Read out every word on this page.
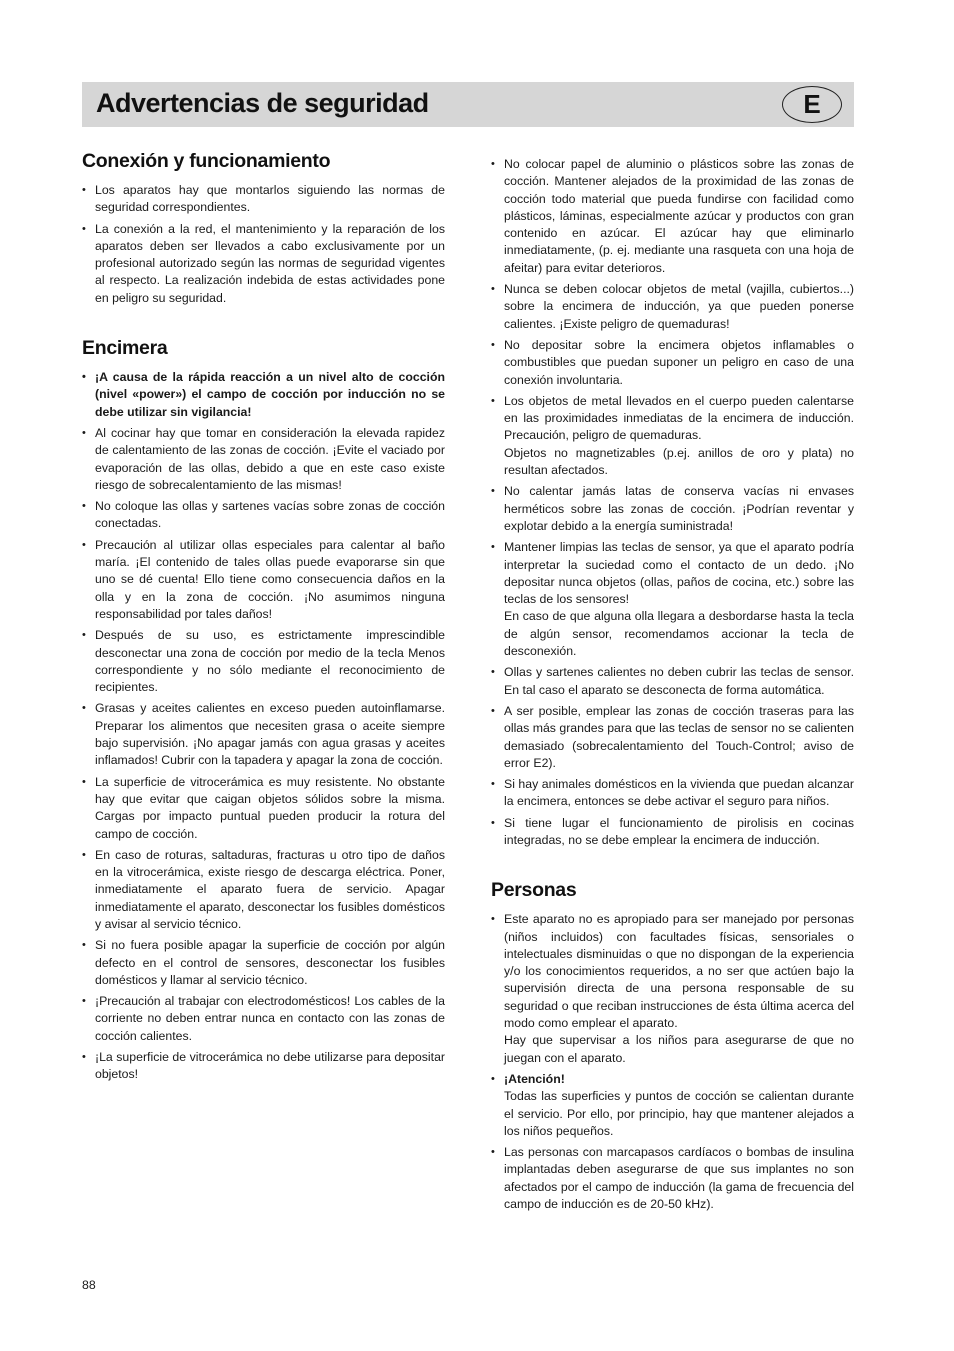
Advertencias de seguridad	E
Conexión y funcionamiento
• Los aparatos hay que montarlos siguiendo las normas de seguridad correspondientes.
• La conexión a la red, el mantenimiento y la reparación de los aparatos deben ser llevados a cabo exclusivamente por un profesional autorizado según las normas de seguridad vigentes al respecto. La realización indebida de estas actividades pone en peligro su seguridad.
Encimera
• ¡A causa de la rápida reacción a un nivel alto de cocción (nivel «power») el campo de cocción por inducción no se debe utilizar sin vigilancia!
• Al cocinar hay que tomar en consideración la elevada rapidez de calentamiento de las zonas de cocción. ¡Evite el vaciado por evaporación de las ollas, debido a que en este caso existe riesgo de sobrecalentamiento de las mismas!
• No coloque las ollas y sartenes vacías sobre zonas de cocción conectadas.
• Precaución al utilizar ollas especiales para calentar al baño maría. ¡El contenido de tales ollas puede evaporarse sin que uno se dé cuenta! Ello tiene como consecuencia daños en la olla y en la zona de cocción. ¡No asumimos ninguna responsabilidad por tales daños!
• Después de su uso, es estrictamente imprescindible desconectar una zona de cocción por medio de la tecla Menos correspondiente y no sólo mediante el reconocimiento de recipientes.
• Grasas y aceites calientes en exceso pueden autoinflamarse. Preparar los alimentos que necesiten grasa o aceite siempre bajo supervisión. ¡No apagar jamás con agua grasas y aceites inflamados! Cubrir con la tapadera y apagar la zona de cocción.
• La superficie de vitrocerámica es muy resistente. No obstante hay que evitar que caigan objetos sólidos sobre la misma. Cargas por impacto puntual pueden producir la rotura del campo de cocción.
• En caso de roturas, saltaduras, fracturas u otro tipo de daños en la vitrocerámica, existe riesgo de descarga eléctrica. Poner, inmediatamente el aparato fuera de servicio. Apagar inmediatamente el aparato, desconectar los fusibles domésticos y avisar al servicio técnico.
• Si no fuera posible apagar la superficie de cocción por algún defecto en el control de sensores, desconectar los fusibles domésticos y llamar al servicio técnico.
• ¡Precaución al trabajar con electrodomésticos! Los cables de la corriente no deben entrar nunca en contacto con las zonas de cocción calientes.
• ¡La superficie de vitrocerámica no debe utilizarse para depositar objetos!
• No colocar papel de aluminio o plásticos sobre las zonas de cocción. Mantener alejados de la proximidad de las zonas de cocción todo material que pueda fundirse con facilidad como plásticos, láminas, especialmente azúcar y productos con gran contenido en azúcar. El azúcar hay que eliminarlo inmediatamente, (p. ej. mediante una rasqueta con una hoja de afeitar) para evitar deterioros.
• Nunca se deben colocar objetos de metal (vajilla, cubiertos...) sobre la encimera de inducción, ya que pueden ponerse calientes. ¡Existe peligro de quemaduras!
• No depositar sobre la encimera objetos inflamables o combustibles que puedan suponer un peligro en caso de una conexión involuntaria.
• Los objetos de metal llevados en el cuerpo pueden calentarse en las proximidades inmediatas de la encimera de inducción. Precaución, peligro de quemaduras.
Objetos no magnetizables (p.ej. anillos de oro y plata) no resultan afectados.
• No calentar jamás latas de conserva vacías ni envases herméticos sobre las zonas de cocción. ¡Podrían reventar y explotar debido a la energía suministrada!
• Mantener limpias las teclas de sensor, ya que el aparato podría interpretar la suciedad como el contacto de un dedo. ¡No depositar nunca objetos (ollas, paños de cocina, etc.) sobre las teclas de los sensores!
En caso de que alguna olla llegara a desbordarse hasta la tecla de algún sensor, recomendamos accionar la tecla de desconexión.
• Ollas y sartenes calientes no deben cubrir las teclas de sensor. En tal caso el aparato se desconecta de forma automática.
• A ser posible, emplear las zonas de cocción traseras para las ollas más grandes para que las teclas de sensor no se calienten demasiado (sobrecalentamiento del Touch-Control; aviso de error E2).
• Si hay animales domésticos en la vivienda que puedan alcanzar la encimera, entonces se debe activar el seguro para niños.
• Si tiene lugar el funcionamiento de pirolisis en cocinas integradas, no se debe emplear la encimera de inducción.
Personas
• Este aparato no es apropiado para ser manejado por personas (niños incluidos) con facultades físicas, sensoriales o intelectuales disminuidas o que no dispongan de la experiencia y/o los conocimientos requeridos, a no ser que actúen bajo la supervisión directa de una persona responsable de su seguridad o que reciban instrucciones de ésta última acerca del modo como emplear el aparato.
Hay que supervisar a los niños para asegurarse de que no juegan con el aparato.
• ¡Atención!
Todas las superficies y puntos de cocción se calientan durante el servicio. Por ello, por principio, hay que mantener alejados a los niños pequeños.
• Las personas con marcapasos cardíacos o bombas de insulina implantadas deben asegurarse de que sus implantes no son afectados por el campo de inducción (la gama de frecuencia del campo de inducción es de 20-50 kHz).
88
